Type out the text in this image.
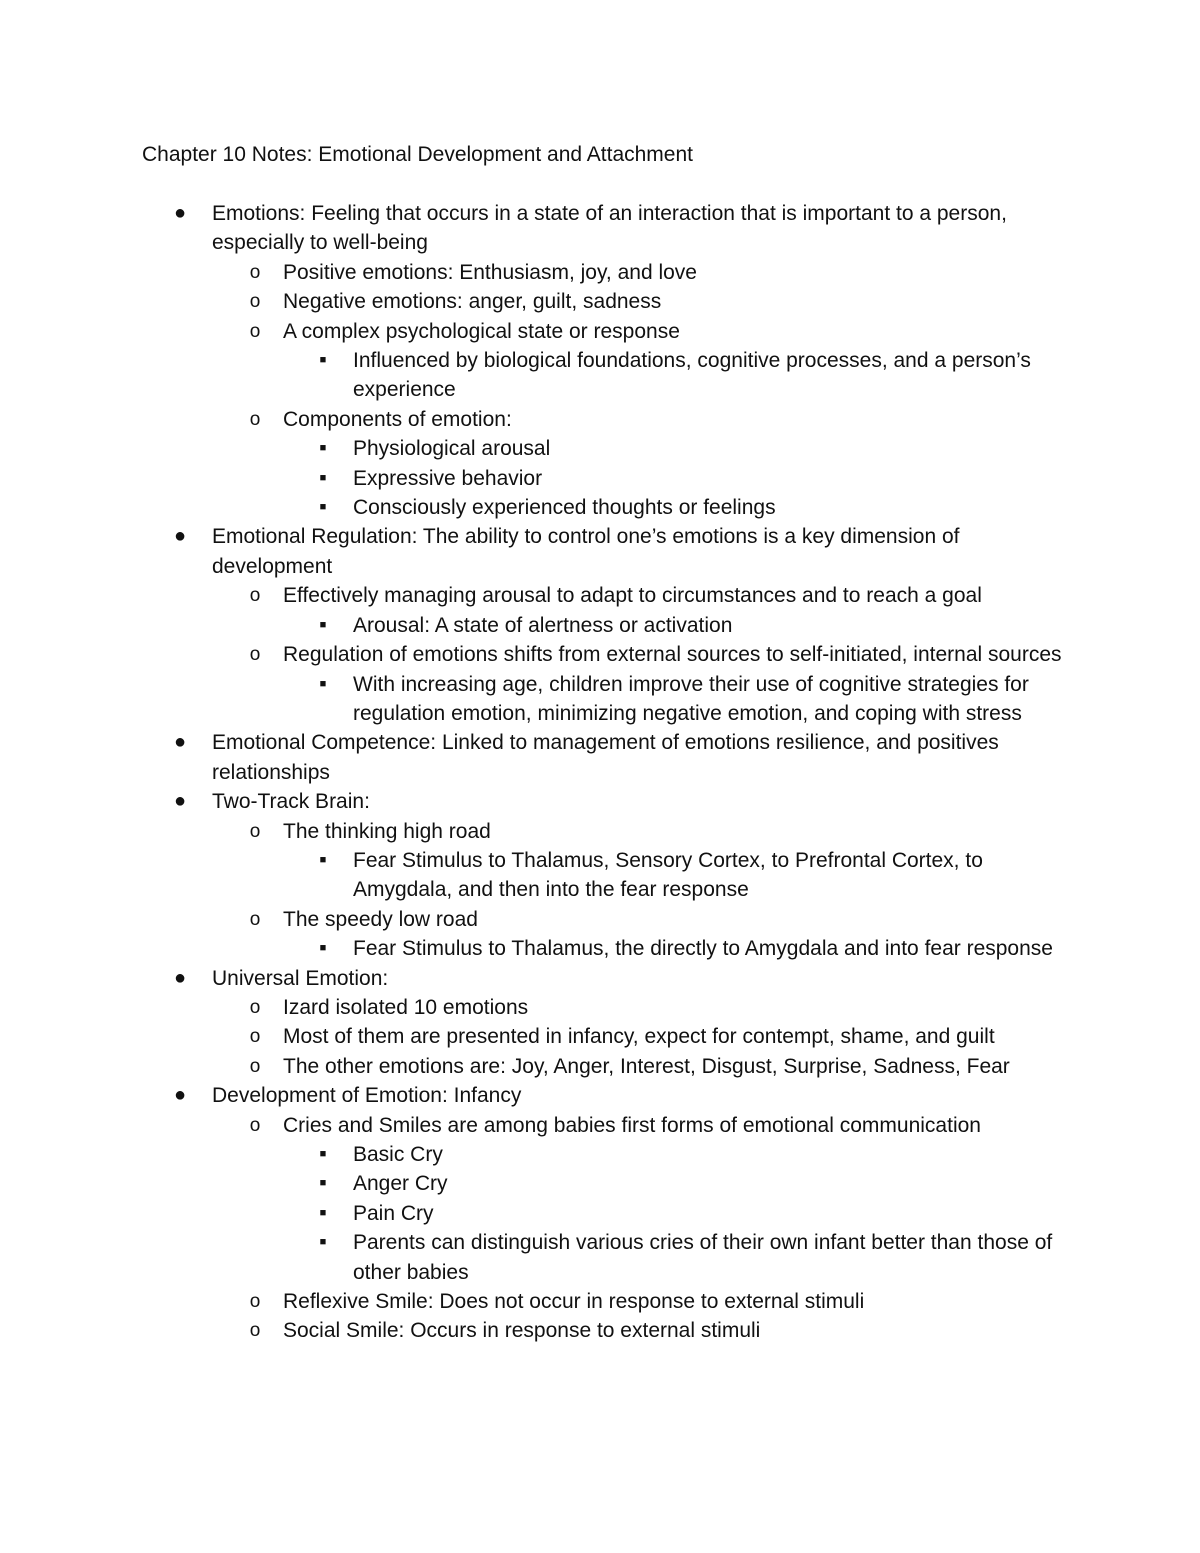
Chapter 10 Notes: Emotional Development and Attachment
● Emotions: Feeling that occurs in a state of an interaction that is important to a person, especially to well-being
o Positive emotions: Enthusiasm, joy, and love
o Negative emotions: anger, guilt, sadness
o A complex psychological state or response
■	Influenced by biological foundations, cognitive processes, and a person’s experience
o Components of emotion:
■	Physiological arousal
■	Expressive behavior
■	Consciously experienced thoughts or feelings
● Emotional Regulation: The ability to control one’s emotions is a key dimension of development
o Effectively managing arousal to adapt to circumstances and to reach a goal
■	Arousal: A state of alertness or activation
o Regulation of emotions shifts from external sources to self-initiated, internal sources
■	With increasing age, children improve their use of cognitive strategies for regulation emotion, minimizing negative emotion, and coping with stress
● Emotional Competence: Linked to management of emotions resilience, and positives relationships
● Two-Track Brain:
o The thinking high road
■	Fear Stimulus to Thalamus, Sensory Cortex, to Prefrontal Cortex, to Amygdala, and then into the fear response
o The speedy low road
■	Fear Stimulus to Thalamus, the directly to Amygdala and into fear response
● Universal Emotion:
o Izard isolated 10 emotions
o Most of them are presented in infancy, expect for contempt, shame, and guilt
o The other emotions are: Joy, Anger, Interest, Disgust, Surprise, Sadness, Fear
● Development of Emotion: Infancy
o Cries and Smiles are among babies first forms of emotional communication
■	Basic Cry
■	Anger Cry
■	Pain Cry
■	Parents can distinguish various cries of their own infant better than those of other babies
o Reflexive Smile: Does not occur in response to external stimuli
o Social Smile: Occurs in response to external stimuli
